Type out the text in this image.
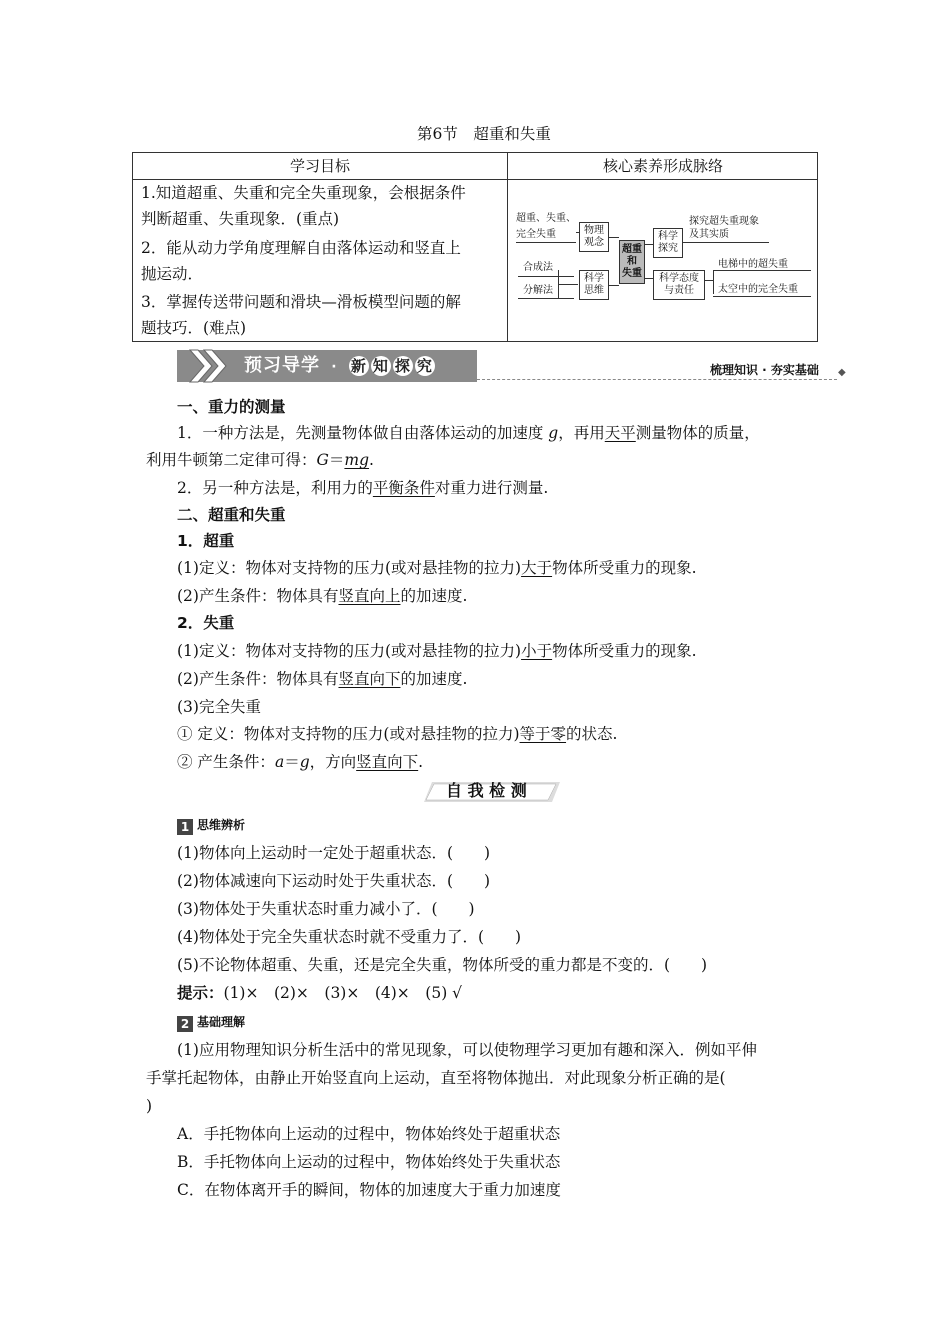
第6节　超重和失重
学习目标	核心素养形成脉络
1.知道超重、失重和完全失重现象，会根据条件
判断超重、失重现象．(重点)
2．能从动力学角度理解自由落体运动和竖直上
抛运动．
3．掌握传送带问题和滑块—滑板模型问题的解
题技巧．(难点)
超重、失重、
完全失重
合成法
分解法
物理
观念
科学
思维
超重
和
失重
科学
探究
科学态度
与责任
探究超失重现象
及其实质
电梯中的超失重
太空中的完全失重
预习导学 · 新 知 探 究	梳理知识 · 夯实基础 ◆
一、重力的测量
1．一种方法是，先测量物体做自由落体运动的加速度 g，再用天平测量物体的质量，
利用牛顿第二定律可得：G＝mg.
2．另一种方法是，利用力的平衡条件对重力进行测量.
二、超重和失重
1．超重
(1)定义：物体对支持物的压力(或对悬挂物的拉力)大于物体所受重力的现象.
(2)产生条件：物体具有竖直向上的加速度.
2．失重
(1)定义：物体对支持物的压力(或对悬挂物的拉力)小于物体所受重力的现象.
(2)产生条件：物体具有竖直向下的加速度.
(3)完全失重
① 定义：物体对支持物的压力(或对悬挂物的拉力)等于零的状态.
② 产生条件：a＝g，方向竖直向下.
自 我 检 测
1 思维辨析
(1)物体向上运动时一定处于超重状态．(　　)
(2)物体减速向下运动时处于失重状态．(　　)
(3)物体处于失重状态时重力减小了．(　　)
(4)物体处于完全失重状态时就不受重力了．(　　)
(5)不论物体超重、失重，还是完全失重，物体所受的重力都是不变的．(　　)
提示：(1)×　(2)×　(3)×　(4)×　(5) √
2 基础理解
(1)应用物理知识分析生活中的常见现象，可以使物理学习更加有趣和深入．例如平伸
手掌托起物体，由静止开始竖直向上运动，直至将物体抛出．对此现象分析正确的是(
)
A．手托物体向上运动的过程中，物体始终处于超重状态
B．手托物体向上运动的过程中，物体始终处于失重状态
C．在物体离开手的瞬间，物体的加速度大于重力加速度
